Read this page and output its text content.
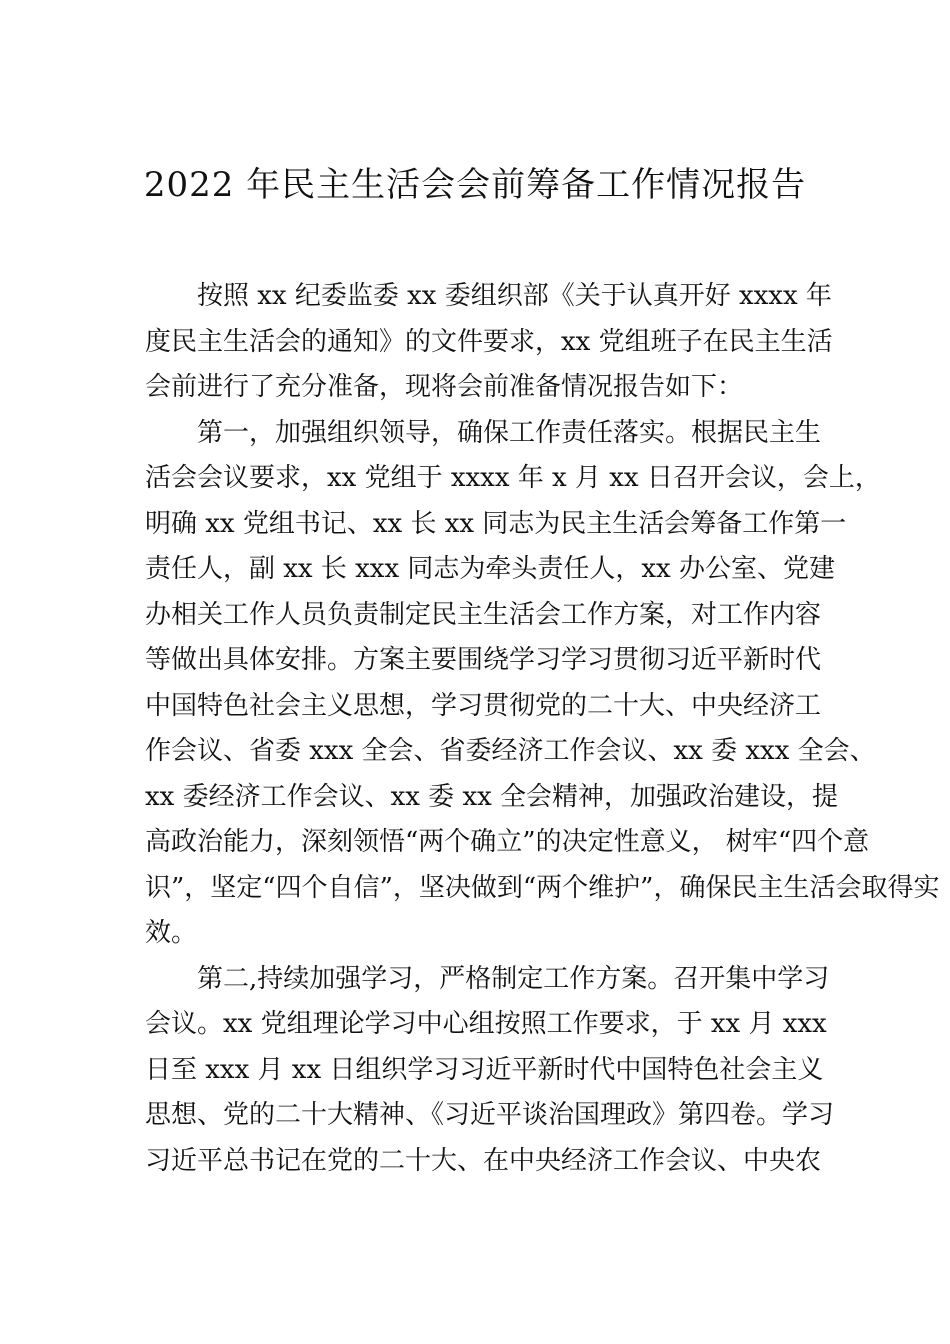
2022 年民主生活会会前筹备工作情况报告
按照 xx 纪委监委 xx 委组织部《关于认真开好 xxxx 年
度民主生活会的通知》的文件要求，xx 党组班子在民主生活
会前进行了充分准备，现将会前准备情况报告如下：
第一，加强组织领导，确保工作责任落实。根据民主生
活会会议要求，xx 党组于 xxxx 年 x 月 xx 日召开会议，会上，
明确 xx 党组书记、xx 长 xx 同志为民主生活会筹备工作第一
责任人，副 xx 长 xxx 同志为牵头责任人，xx 办公室、党建
办相关工作人员负责制定民主生活会工作方案，对工作内容
等做出具体安排。方案主要围绕学习学习贯彻习近平新时代
中国特色社会主义思想，学习贯彻党的二十大、中央经济工
作会议、省委 xxx 全会、省委经济工作会议、xx 委 xxx 全会、
xx 委经济工作会议、xx 委 xx 全会精神，加强政治建设，提
高政治能力，深刻领悟“两个确立”的决定性意义， 树牢“四个意
识”，坚定“四个自信”，坚决做到“两个维护”，确保民主生活会取得实
效。
第二,持续加强学习，严格制定工作方案。召开集中学习
会议。xx 党组理论学习中心组按照工作要求，于 xx 月 xxx
日至 xxx 月 xx 日组织学习习近平新时代中国特色社会主义
思想、党的二十大精神、《习近平谈治国理政》第四卷。学习
习近平总书记在党的二十大、在中央经济工作会议、中央农
